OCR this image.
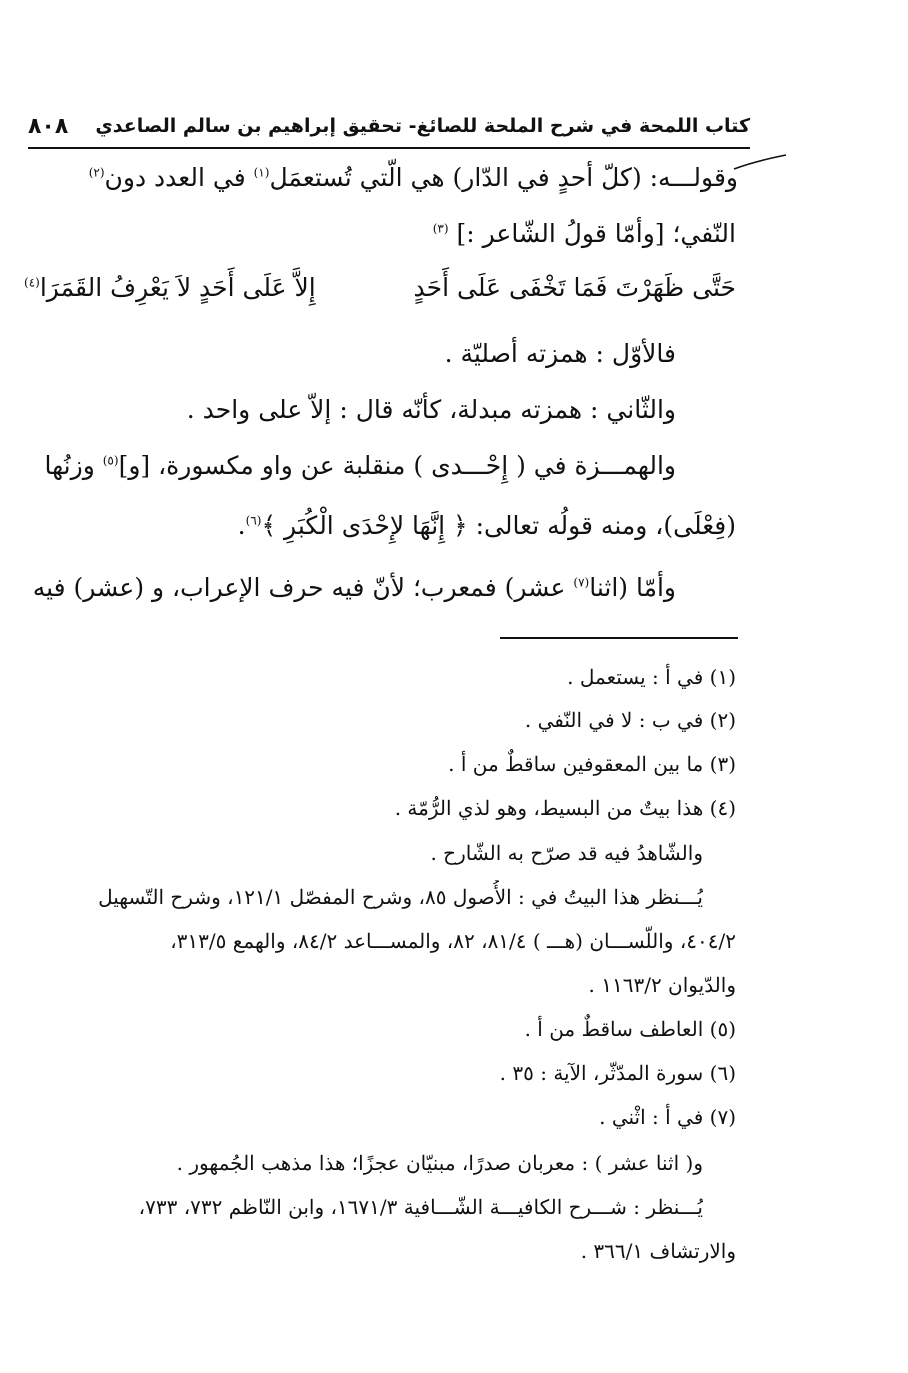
كتاب اللمحة في شرح الملحة للصائغ- تحقيق إبراهيم بن سالم الصاعدي
٨٠٨
وقولـــه: (كلّ أحدٍ في الدّار) هي الّتي تُستعمَل$^{(١)}$ في العدد دون$^{(٢)}$
النّفي؛ [وأمّا قولُ الشّاعر :] $^{(٣)}$
حَتَّى ظَهَرْتَ فَمَا تَخْفَى عَلَى أَحَدٍ
إِلاَّ عَلَى أَحَدٍ لاَ يَعْرِفُ القَمَرَا$^{(٤)}$
فالأوّل : همزته أصليّة .
والثّاني : همزته مبدلة، كأنّه قال : إلاّ على واحد .
والهمـــزة في ( إِحْـــدى ) منقلبة عن واو مكسورة، [و]$^{(٥)}$ وزنُها
(فِعْلَى)، ومنه قولُه تعالى: ﴿ إِنَّهَا لإِحْدَى الْكُبَرِ ﴾$^{(٦)}$.
وأمّا (اثنا$^{(٧)}$ عشر) فمعرب؛ لأنّ فيه حرف الإعراب، و (عشر) فيه
(١) في أ : يستعمل .
(٢) في ب : لا في النّفي .
(٣) ما بين المعقوفين ساقطٌ من أ .
(٤) هذا بيتٌ من البسيط، وهو لذي الرُّمّة .
والشّاهدُ فيه قد صرّح به الشّارح .
يُـــنظر هذا البيتُ في : الأُصول ٨٥، وشرح المفصّل ١٢١/١، وشرح التّسهيل
٤٠٤/٢، واللّســـان (هـــ ) ٨١/٤، ٨٢، والمســـاعد ٨٤/٢، والهمع ٣١٣/٥،
والدّيوان ١١٦٣/٢ .
(٥) العاطف ساقطٌ من أ .
(٦) سورة المدّثّر، الآية : ٣٥ .
(٧) في أ : اثْني .
و( اثنا عشر ) : معربان صدرًا، مبنيّان عجزًا؛ هذا مذهب الجُمهور .
يُـــنظر : شـــرح الكافيـــة الشّـــافية ١٦٧١/٣، وابن النّاظم ٧٣٢، ٧٣٣،
والارتشاف ٣٦٦/١ .
